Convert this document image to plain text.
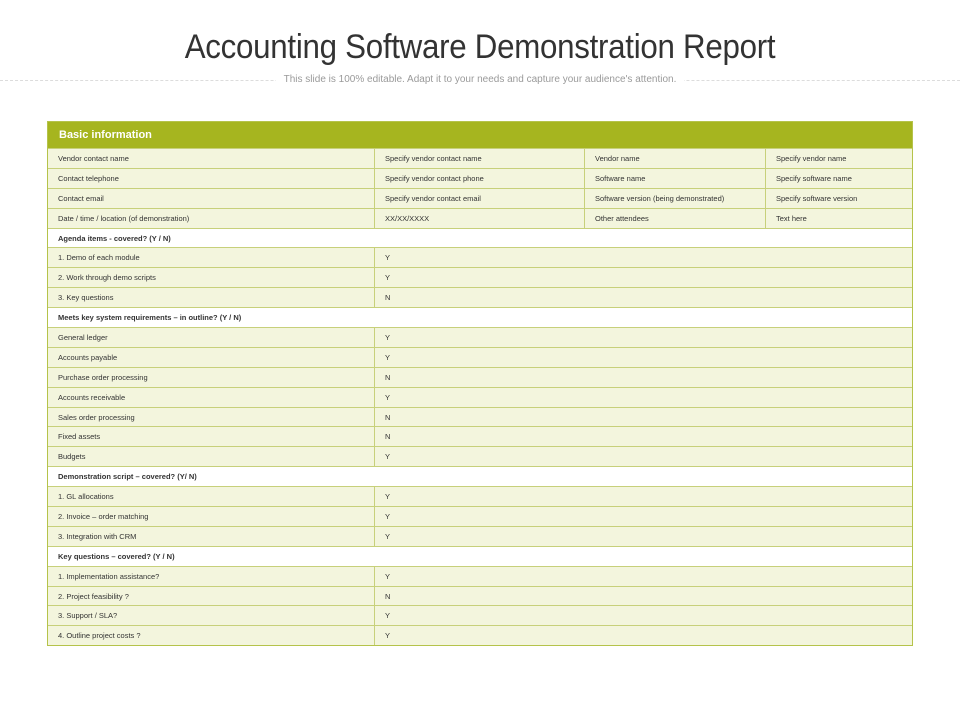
Accounting Software Demonstration Report
This slide is 100% editable. Adapt it to your needs and capture your audience's attention.
Basic information
Vendor contact name	Specify vendor contact name	Vendor name	Specify vendor name
Contact telephone	Specify vendor contact phone	Software name	Specify software name
Contact email	Specify vendor contact email	Software version (being demonstrated)	Specify software version
Date / time / location (of demonstration)	XX/XX/XXXX	Other attendees	Text here
Agenda items - covered? (Y / N)
1. Demo of each module	Y
2. Work through demo scripts	Y
3. Key questions	N
Meets key system requirements – in outline? (Y / N)
General ledger	Y
Accounts payable	Y
Purchase order processing	N
Accounts receivable	Y
Sales order processing	N
Fixed assets	N
Budgets	Y
Demonstration script – covered? (Y/ N)
1. GL allocations	Y
2. Invoice – order matching	Y
3. Integration with CRM	Y
Key questions – covered? (Y / N)
1. Implementation assistance?	Y
2. Project feasibility ?	N
3. Support / SLA?	Y
4. Outline project costs ?	Y
